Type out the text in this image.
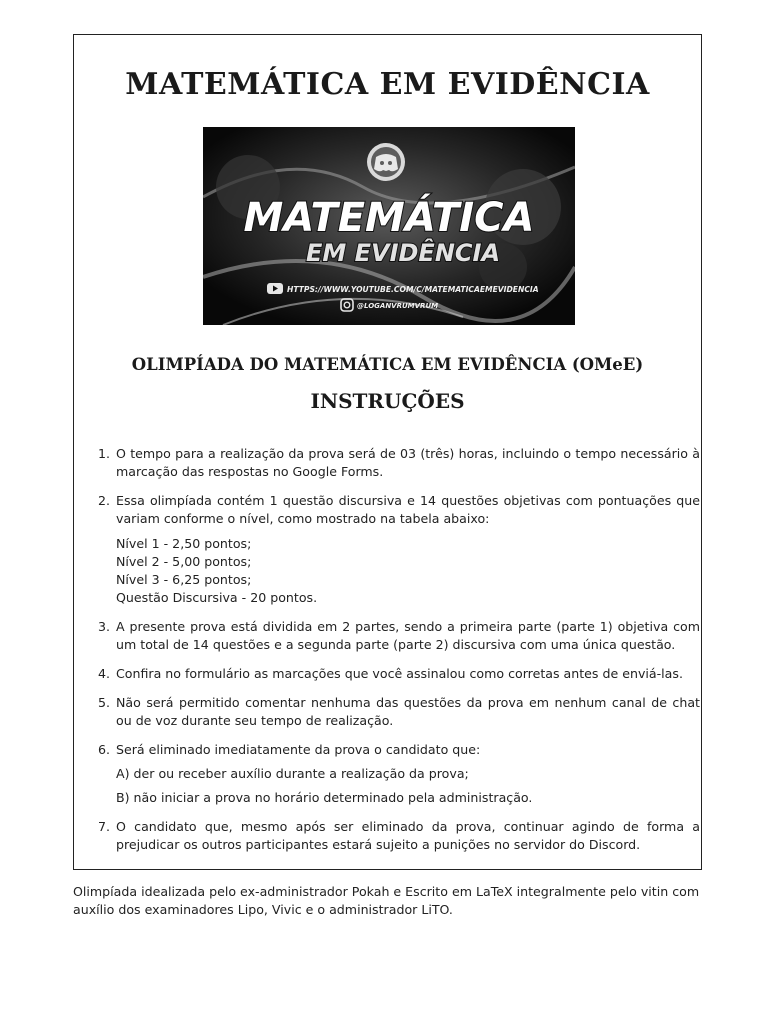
MATEMÁTICA EM EVIDÊNCIA
MATEMÁTICA
EM EVIDÊNCIA
HTTPS://WWW.YOUTUBE.COM/C/MATEMATICAEMEVIDENCIA
@LOGANVRUMVRUM
OLIMPÍADA DO MATEMÁTICA EM EVIDÊNCIA (OMeE)
INSTRUÇÕES
1. O tempo para a realização da prova será de 03 (três) horas, incluindo o tempo necessário à marcação das respostas no Google Forms.
2. Essa olimpíada contém 1 questão discursiva e 14 questões objetivas com pontuações que variam conforme o nível, como mostrado na tabela abaixo:
Nível 1 - 2,50 pontos;
Nível 2 - 5,00 pontos;
Nível 3 - 6,25 pontos;
Questão Discursiva - 20 pontos.
3. A presente prova está dividida em 2 partes, sendo a primeira parte (parte 1) objetiva com um total de 14 questões e a segunda parte (parte 2) discursiva com uma única questão.
4. Confira no formulário as marcações que você assinalou como corretas antes de enviá-las.
5. Não será permitido comentar nenhuma das questões da prova em nenhum canal de chat ou de voz durante seu tempo de realização.
6. Será eliminado imediatamente da prova o candidato que:
A) der ou receber auxílio durante a realização da prova;
B) não iniciar a prova no horário determinado pela administração.
7. O candidato que, mesmo após ser eliminado da prova, continuar agindo de forma a prejudicar os outros participantes estará sujeito a punições no servidor do Discord.

Olimpíada idealizada pelo ex-administrador Pokah e Escrito em LaTeX integralmente pelo vitin com auxílio dos examinadores Lipo, Vivic e o administrador LiTO.
